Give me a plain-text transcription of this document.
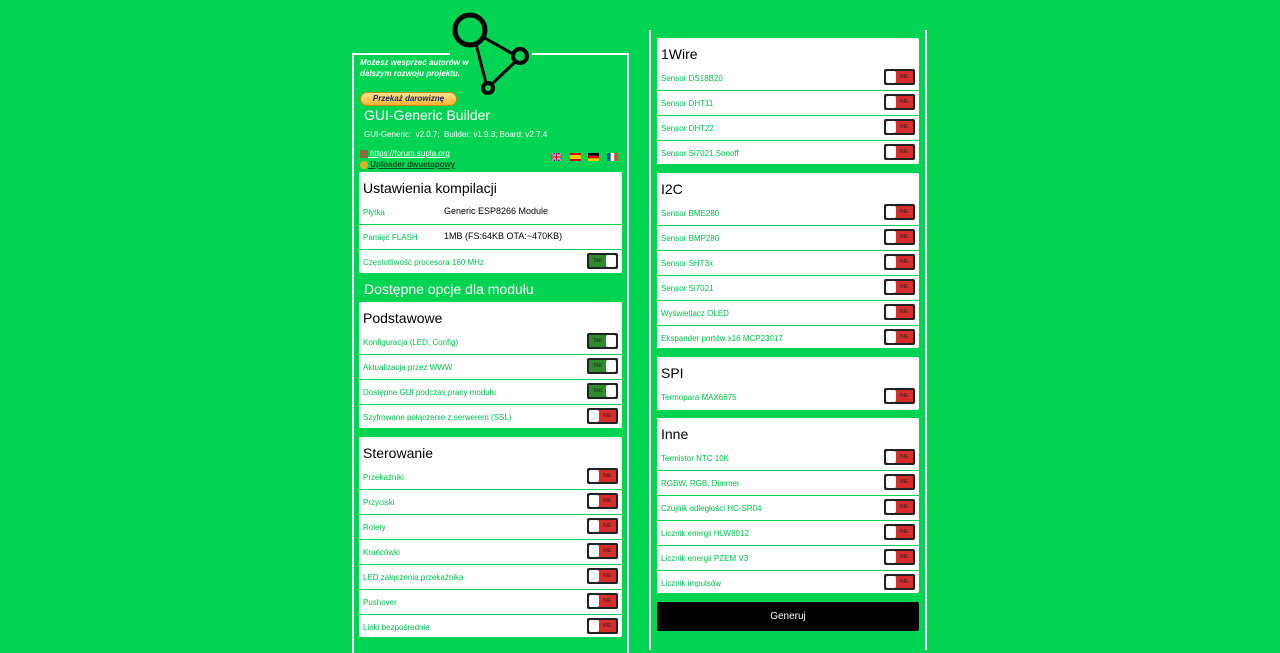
Możesz wesprzeć autorów w
dalszym rozwoju projektu.
Przekaż darowiznę
GUI-Generic Builder
GUI-Generic:  v2.0.7;  Builder: v1.9.3; Board: v2.7.4
https://forum.supla.org
Uploader dwuetapowy
Ustawienia kompilacji
Płytka	Generic ESP8266 Module
Pamięć FLASH	1MB (FS:64KB OTA:~470KB)
Częstotliwość procesora 160 MHz	TAK
Dostępne opcje dla modułu
Podstawowe
Konfiguracja (LED, Config)	TAK
Aktualizacja przez WWW	TAK
Dostępne GUI podczas pracy modułu	TAK
Szyfrowane połączenie z serwerem (SSL)	NIE
Sterowanie
Przekaźniki	NIE
Przyciski	NIE
Rolety	NIE
Krańcówki	NIE
LED załączenia przekaźnika	NIE
Pushover	NIE
Linki bezpośrednie	NIE
1Wire
Sensor DS18B20	NIE
Sensor DHT11	NIE
Sensor DHT22	NIE
Sensor Si7021 Sonoff	NIE
I2C
Sensor BME280	NIE
Sensor BMP280	NIE
Sensor SHT3x	NIE
Sensor Si7021	NIE
Wyświetlacz OLED	NIE
Ekspander portów x16 MCP23017	NIE
SPI
Termopara MAX6675	NIE
Inne
Termistor NTC 10K	NIE
RGBW, RGB, Dimmer	NIE
Czujnik odległości HC-SR04	NIE
Licznik energii HLW8012	NIE
Licznik energii PZEM V3	NIE
Licznik impulsów	NIE
Generuj
